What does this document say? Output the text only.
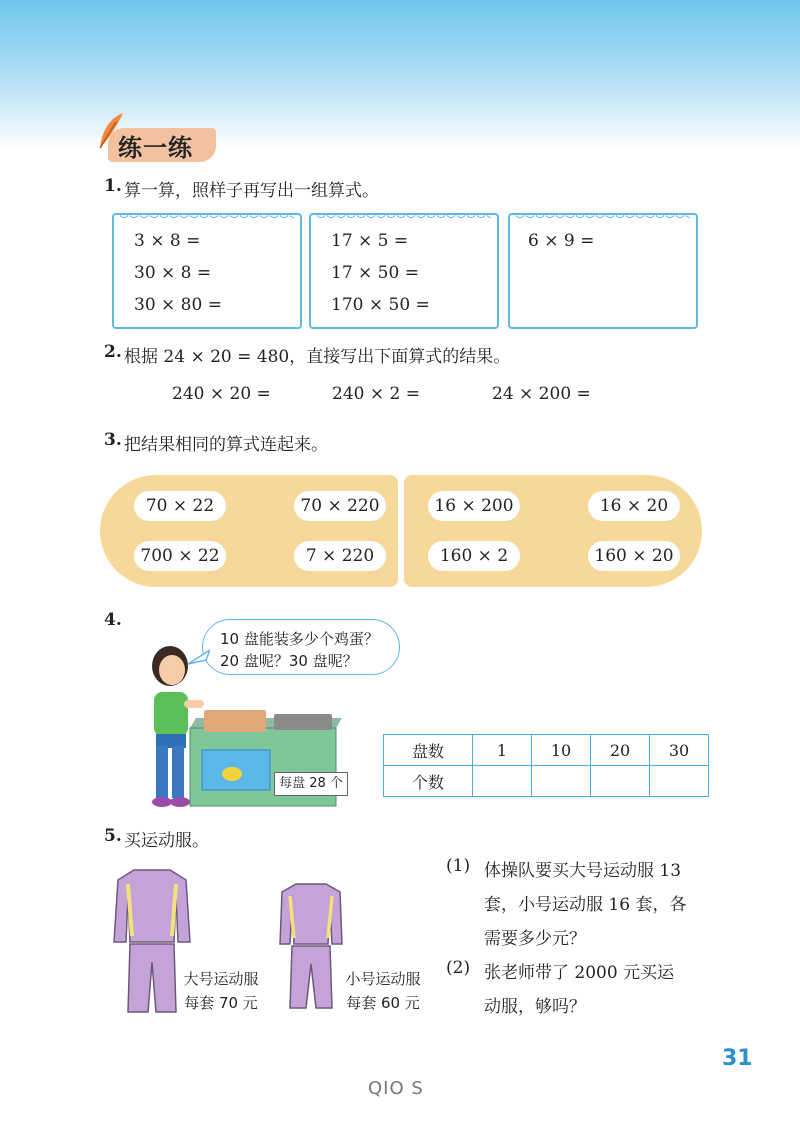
练一练
1. 算一算，照样子再写出一组算式。
3 × 8 =
30 × 8 =
30 × 80 =
17 × 5 =
17 × 50 =
170 × 50 =
6 × 9 =
2. 根据 24 × 20 = 480，直接写出下面算式的结果。
240 × 20 =	240 × 2 =	24 × 200 =
3. 把结果相同的算式连起来。
70 × 22	70 × 220	16 × 200	16 × 20
700 × 22	7 × 220	160 × 2	160 × 20
4.
10 盘能装多少个鸡蛋？
20 盘呢？30 盘呢？
每盘 28 个
盘数	1	10	20	30
个数				
5. 买运动服。
大号运动服
每套 70 元
小号运动服
每套 60 元
(1) 体操队要买大号运动服 13
套，小号运动服 16 套，各
需要多少元？
(2) 张老师带了 2000 元买运
动服，够吗？
31
QIO S
